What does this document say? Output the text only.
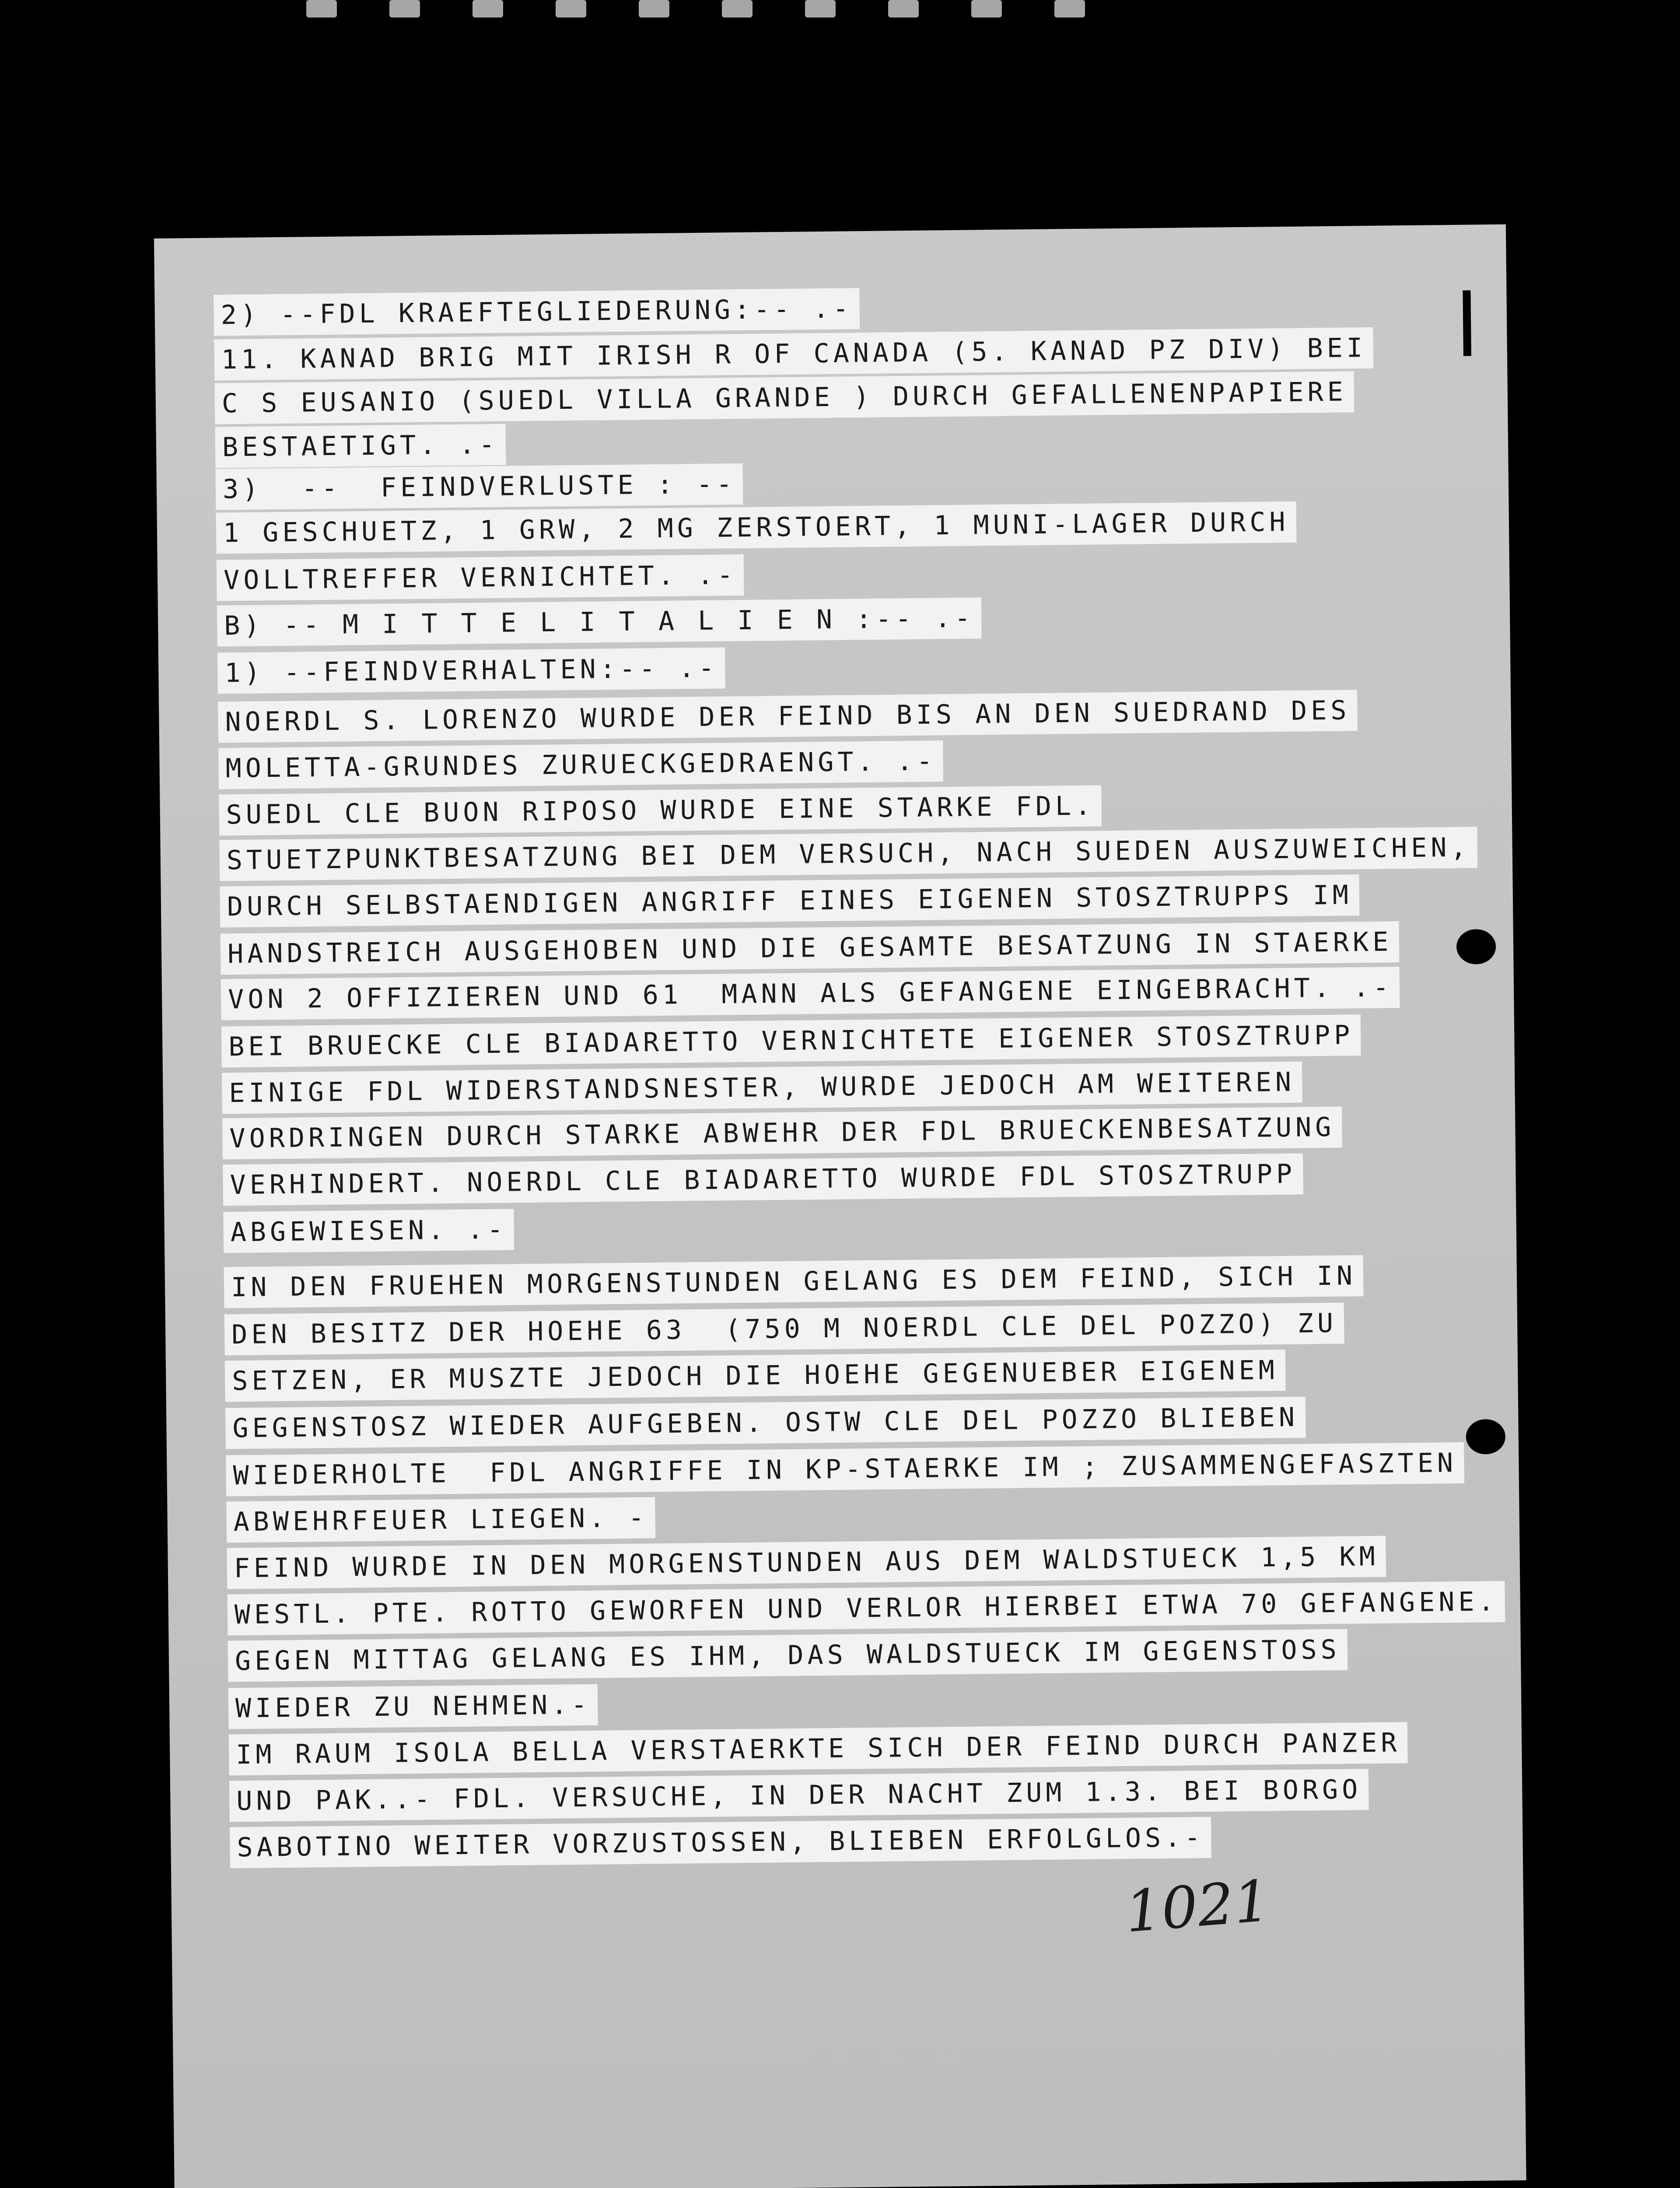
2) --FDL KRAEFTEGLIEDERUNG:-- .-
11. KANAD BRIG MIT IRISH R OF CANADA (5. KANAD PZ DIV) BEI
C S EUSANIO (SUEDL VILLA GRANDE ) DURCH GEFALLENENPAPIERE
BESTAETIGT. .-
3)  --  FEINDVERLUSTE : --
1 GESCHUETZ, 1 GRW, 2 MG ZERSTOERT, 1 MUNI-LAGER DURCH
VOLLTREFFER VERNICHTET. .-
B) -- M I T T E L I T A L I E N :-- .-
1) --FEINDVERHALTEN:-- .-
NOERDL S. LORENZO WURDE DER FEIND BIS AN DEN SUEDRAND DES
MOLETTA-GRUNDES ZURUECKGEDRAENGT. .-
SUEDL CLE BUON RIPOSO WURDE EINE STARKE FDL.
STUETZPUNKTBESATZUNG BEI DEM VERSUCH, NACH SUEDEN AUSZUWEICHEN,
DURCH SELBSTAENDIGEN ANGRIFF EINES EIGENEN STOSZTRUPPS IM
HANDSTREICH AUSGEHOBEN UND DIE GESAMTE BESATZUNG IN STAERKE
VON 2 OFFIZIEREN UND 61  MANN ALS GEFANGENE EINGEBRACHT. .-
BEI BRUECKE CLE BIADARETTO VERNICHTETE EIGENER STOSZTRUPP
EINIGE FDL WIDERSTANDSNESTER, WURDE JEDOCH AM WEITEREN
VORDRINGEN DURCH STARKE ABWEHR DER FDL BRUECKENBESATZUNG
VERHINDERT. NOERDL CLE BIADARETTO WURDE FDL STOSZTRUPP
ABGEWIESEN. .-
IN DEN FRUEHEN MORGENSTUNDEN GELANG ES DEM FEIND, SICH IN
DEN BESITZ DER HOEHE 63  (750 M NOERDL CLE DEL POZZO) ZU
SETZEN, ER MUSZTE JEDOCH DIE HOEHE GEGENUEBER EIGENEM
GEGENSTOSZ WIEDER AUFGEBEN. OSTW CLE DEL POZZO BLIEBEN
WIEDERHOLTE  FDL ANGRIFFE IN KP-STAERKE IM ; ZUSAMMENGEFASZTEN
ABWEHRFEUER LIEGEN. -
FEIND WURDE IN DEN MORGENSTUNDEN AUS DEM WALDSTUECK 1,5 KM
WESTL. PTE. ROTTO GEWORFEN UND VERLOR HIERBEI ETWA 70 GEFANGENE.
GEGEN MITTAG GELANG ES IHM, DAS WALDSTUECK IM GEGENSTOSS
WIEDER ZU NEHMEN.-
IM RAUM ISOLA BELLA VERSTAERKTE SICH DER FEIND DURCH PANZER
UND PAK..- FDL. VERSUCHE, IN DER NACHT ZUM 1.3. BEI BORGO
SABOTINO WEITER VORZUSTOSSEN, BLIEBEN ERFOLGLOS.-
1021
